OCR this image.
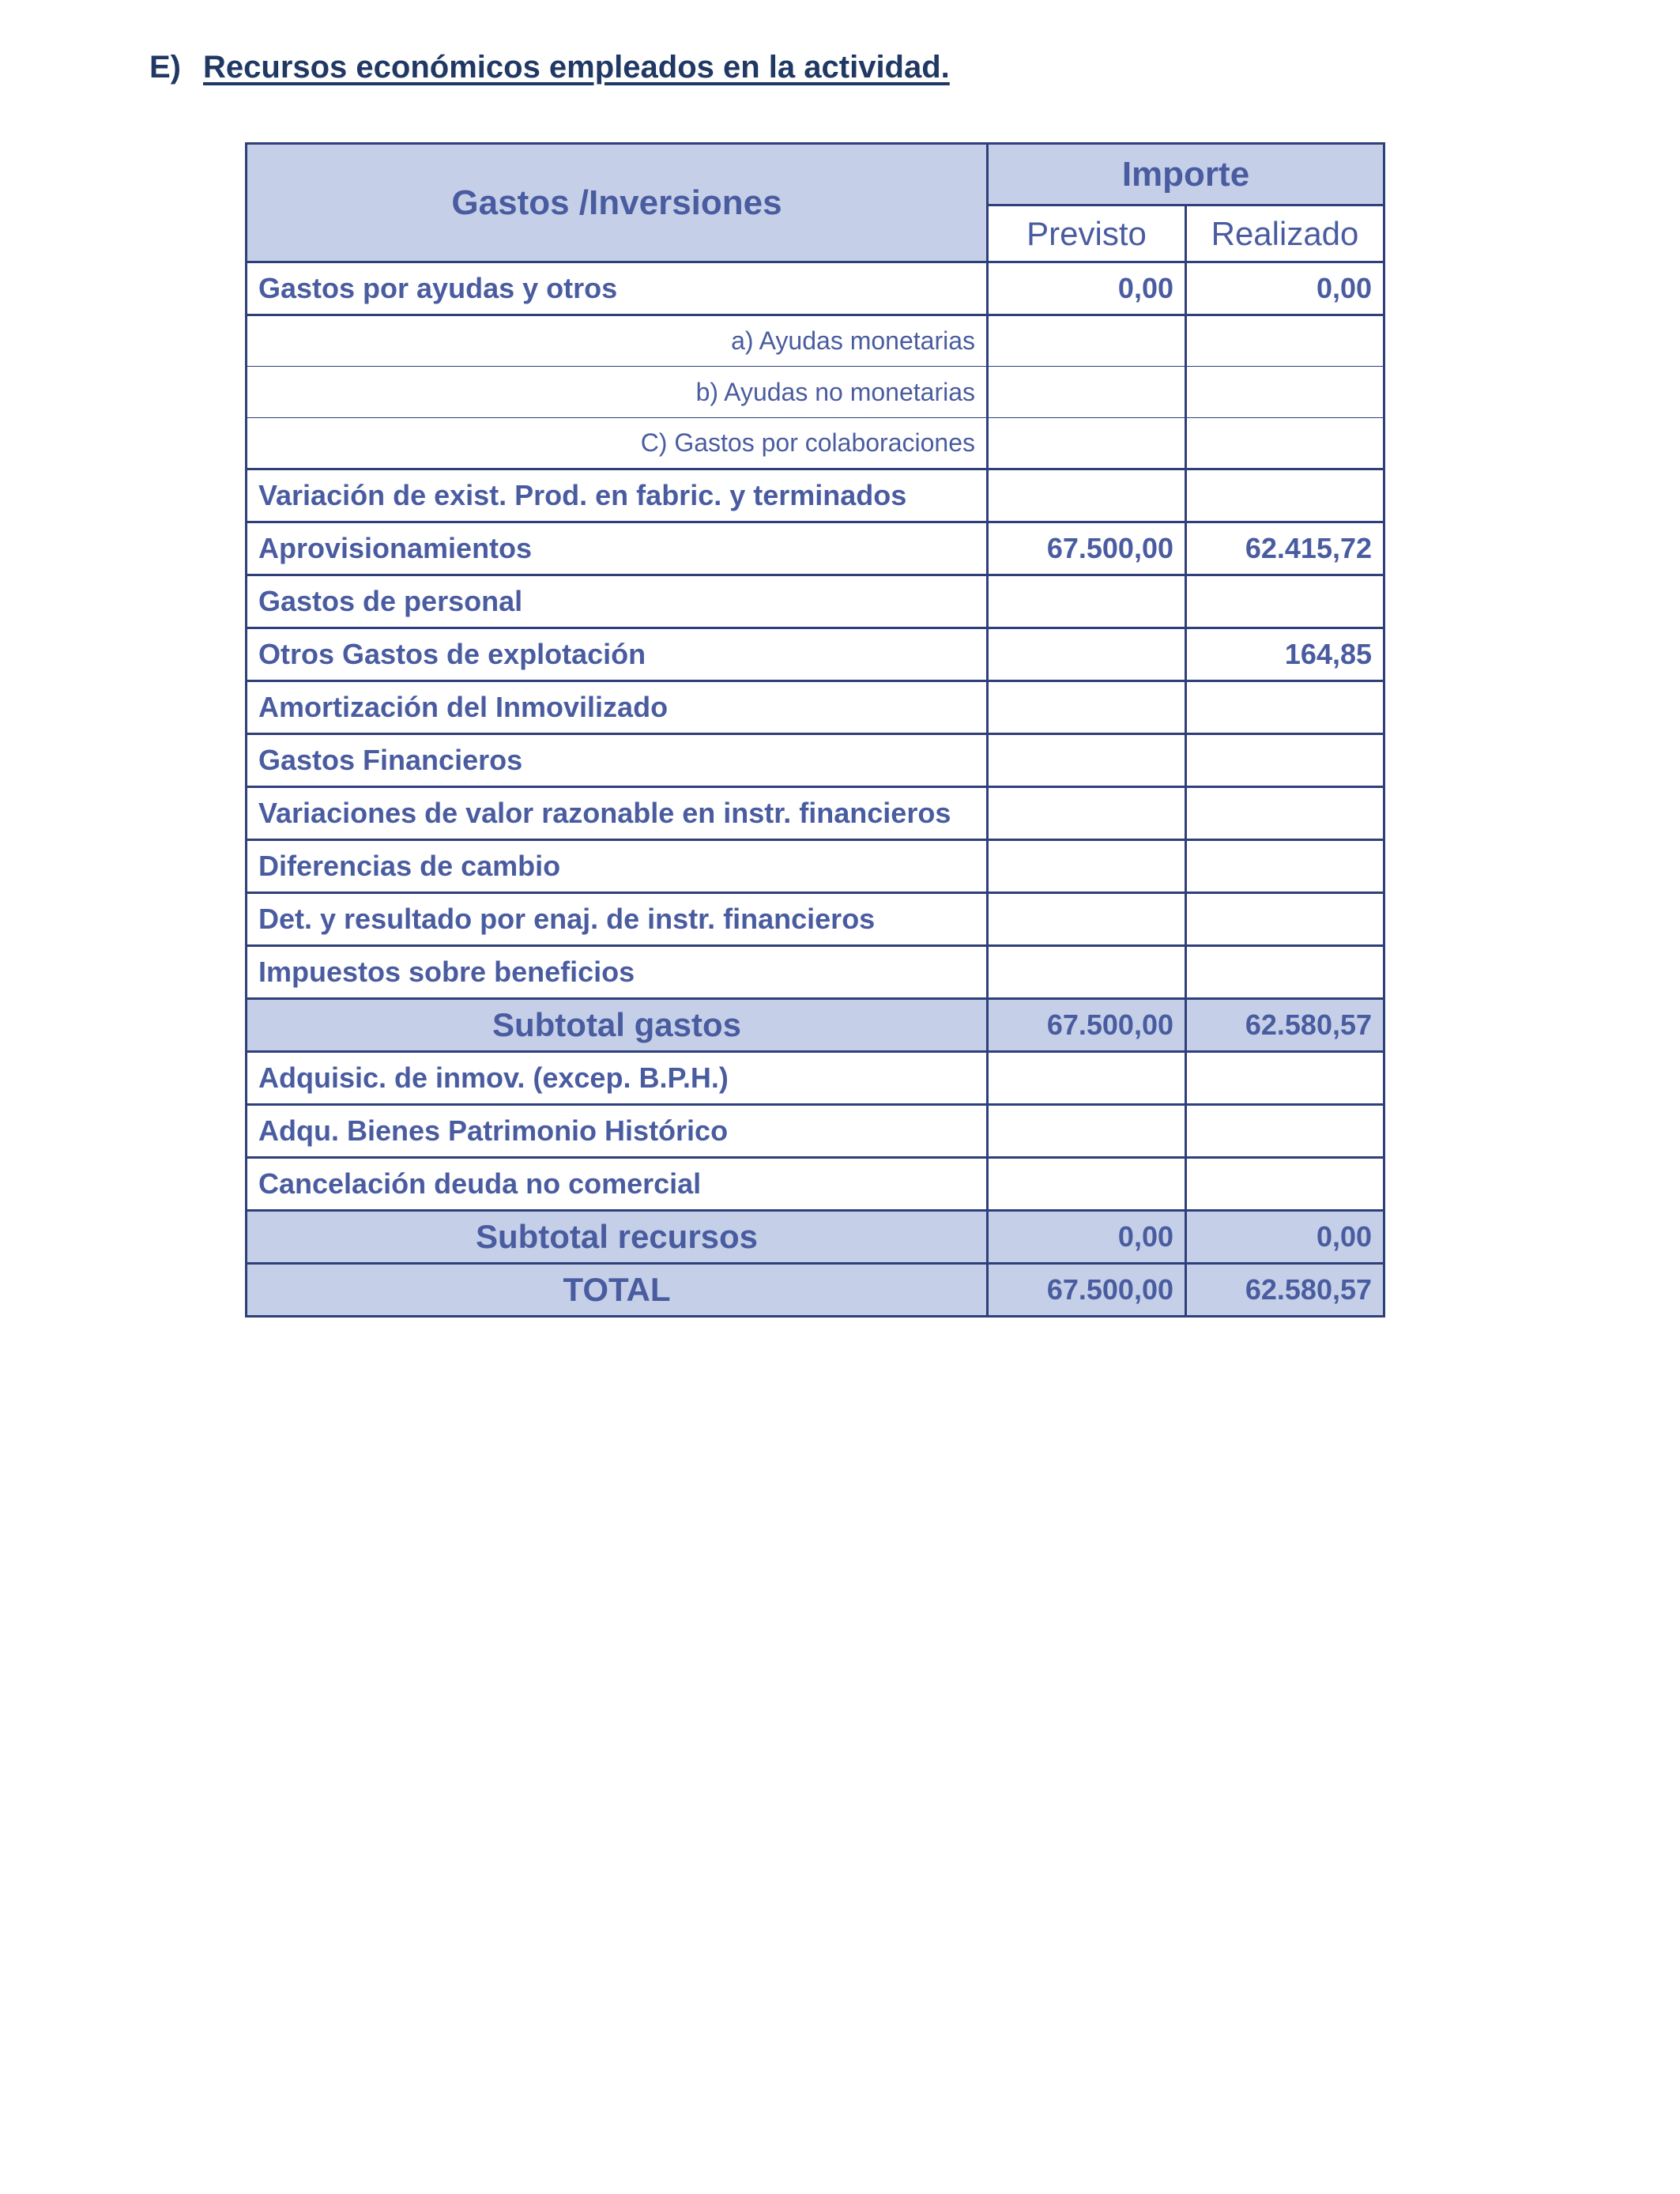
E) Recursos económicos empleados en la actividad.
Gastos /Inversiones	Importe	
	Previsto	Realizado
Gastos por ayudas y otros	0,00	0,00
a) Ayudas monetarias		
b) Ayudas no monetarias		
C) Gastos por colaboraciones		
Variación de exist. Prod. en fabric. y terminados		
Aprovisionamientos	67.500,00	62.415,72
Gastos de personal		
Otros Gastos de explotación		164,85
Amortización del Inmovilizado		
Gastos Financieros		
Variaciones de valor razonable en instr. financieros		
Diferencias de cambio		
Det. y resultado por enaj. de instr. financieros		
Impuestos sobre beneficios		
Subtotal gastos	67.500,00	62.580,57
Adquisic. de inmov. (excep. B.P.H.)		
Adqu. Bienes Patrimonio Histórico		
Cancelación deuda no comercial		
Subtotal recursos	0,00	0,00
TOTAL	67.500,00	62.580,57
